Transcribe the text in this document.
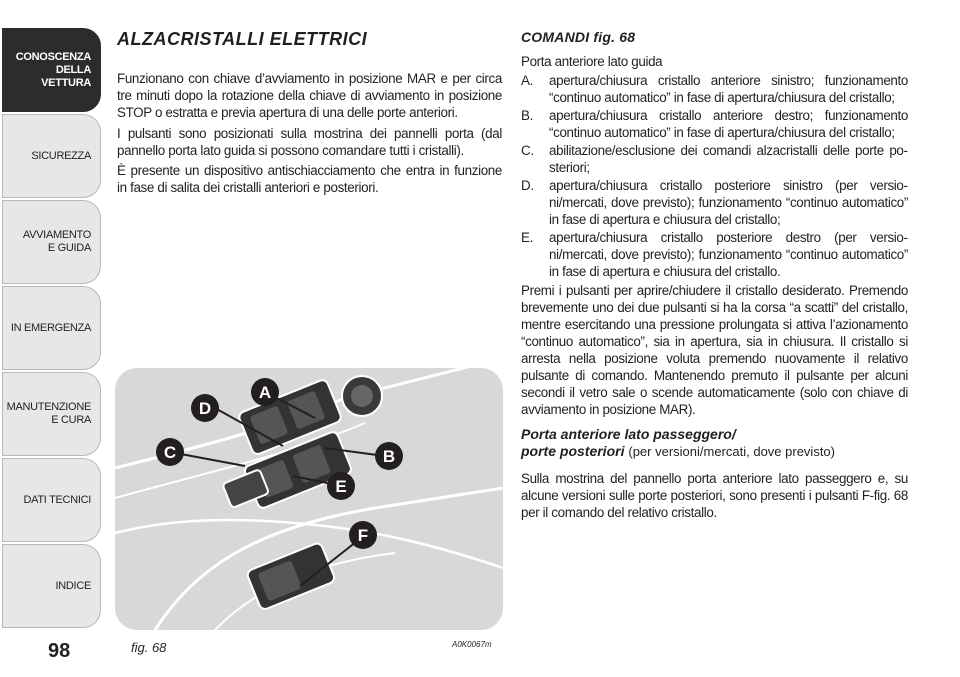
CONOSCENZA
DELLA
VETTURA
SICUREZZA
AVVIAMENTO
E GUIDA
IN EMERGENZA
MANUTENZIONE
E CURA
DATI TECNICI
INDICE
98
ALZACRISTALLI ELETTRICI

Funzionano con chiave d’avviamento in posizione MAR e per circa tre minuti dopo la rotazione della chiave di avviamento in posizione STOP o estratta e previa apertura di una delle porte anteriori.

I pulsanti sono posizionati sulla mostrina dei pannelli porta (dal pannello porta lato guida si possono comandare tutti i cristalli).

È presente un dispositivo antischiacciamento che entra in funzione in fase di salita dei cristalli anteriori e posteriori.

A
D
C	B
E
F
fig. 68	A0K0067m
COMANDI fig. 68

Porta anteriore lato guida

A. apertura/chiusura cristallo anteriore sinistro; funzionamento “continuo automatico” in fase di apertura/chiusura del cristallo;
B. apertura/chiusura cristallo anteriore destro; funzionamento “continuo automatico” in fase di apertura/chiusura del cristallo;
C. abilitazione/esclusione dei comandi alzacristalli delle porte posteriori;
D. apertura/chiusura cristallo posteriore sinistro (per versioni/mercati, dove previsto); funzionamento “continuo automatico” in fase di apertura e chiusura del cristallo;
E. apertura/chiusura cristallo posteriore destro (per versioni/mercati, dove previsto); funzionamento “continuo automatico” in fase di apertura e chiusura del cristallo.

Premi i pulsanti per aprire/chiudere il cristallo desiderato. Premendo brevemente uno dei due pulsanti si ha la corsa “a scatti” del cristallo, mentre esercitando una pressione prolungata si attiva l’azionamento “continuo automatico”, sia in apertura, sia in chiusura. Il cristallo si arresta nella posizione voluta premendo nuovamente il relativo pulsante di comando. Mantenendo premuto il pulsante per alcuni secondi il vetro sale o scende automaticamente (solo con chiave di avviamento in posizione MAR).

Porta anteriore lato passeggero/
porte posteriori (per versioni/mercati, dove previsto)

Sulla mostrina del pannello porta anteriore lato passeggero e, su alcune versioni sulle porte posteriori, sono presenti i pulsanti F-fig. 68 per il comando del relativo cristallo.
